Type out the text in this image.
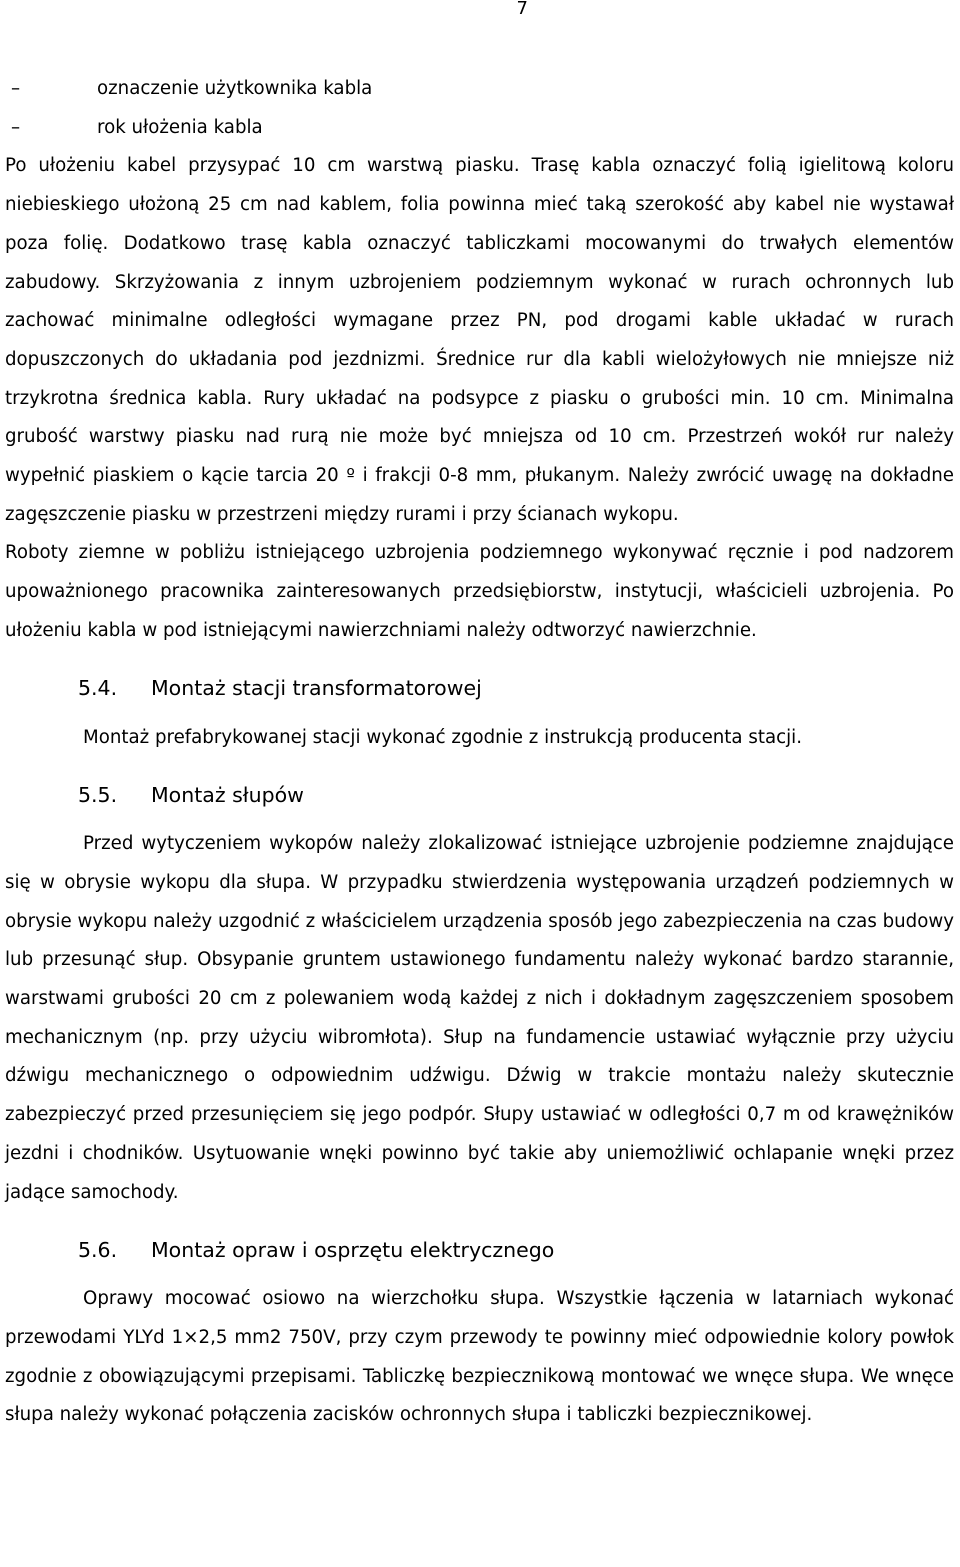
7
–	oznaczenie użytkownika kabla
–	rok ułożenia kabla

Po ułożeniu kabel przysypać 10 cm warstwą piasku. Trasę kabla oznaczyć folią igielitową koloru niebieskiego ułożoną 25 cm nad kablem, folia powinna mieć taką szerokość aby kabel nie wystawał poza folię. Dodatkowo trasę kabla oznaczyć tabliczkami mocowanymi do trwałych elementów zabudowy. Skrzyżowania z innym uzbrojeniem podziemnym wykonać w rurach ochronnych lub zachować minimalne odległości wymagane przez PN, pod drogami kable układać w rurach dopuszczonych do układania pod jezdnizmi. Średnice rur dla kabli wielożyłowych nie mniejsze niż trzykrotna średnica kabla. Rury układać na podsypce z piasku o grubości min. 10 cm. Minimalna grubość warstwy piasku nad rurą nie może być mniejsza od 10 cm. Przestrzeń wokół rur należy wypełnić piaskiem o kącie tarcia 20 º i frakcji 0-8 mm, płukanym. Należy zwrócić uwagę na dokładne zagęszczenie piasku w przestrzeni między rurami i przy ścianach wykopu.

Roboty ziemne w pobliżu istniejącego uzbrojenia podziemnego wykonywać ręcznie i pod nadzorem upoważnionego pracownika zainteresowanych przedsiębiorstw, instytucji, właścicieli uzbrojenia. Po ułożeniu kabla w pod istniejącymi nawierzchniami należy odtworzyć nawierzchnie.

5.4.	Montaż stacji transformatorowej

Montaż prefabrykowanej stacji wykonać zgodnie z instrukcją producenta stacji.

5.5.	Montaż słupów

Przed wytyczeniem wykopów należy zlokalizować istniejące uzbrojenie podziemne znajdujące się w obrysie wykopu dla słupa. W przypadku stwierdzenia występowania urządzeń podziemnych w obrysie wykopu należy uzgodnić z właścicielem urządzenia sposób jego zabezpieczenia na czas budowy lub przesunąć słup. Obsypanie gruntem ustawionego fundamentu należy wykonać bardzo starannie, warstwami grubości 20 cm z polewaniem wodą każdej z nich i dokładnym zagęszczeniem sposobem mechanicznym (np. przy użyciu wibromłota). Słup na fundamencie ustawiać wyłącznie przy użyciu dźwigu mechanicznego o odpowiednim udźwigu. Dźwig w trakcie montażu należy skutecznie zabezpieczyć przed przesunięciem się jego podpór. Słupy ustawiać w odległości 0,7 m od krawężników jezdni i chodników. Usytuowanie wnęki powinno być takie aby uniemożliwić ochlapanie wnęki przez jadące samochody.

5.6.	Montaż opraw i osprzętu elektrycznego

Oprawy mocować osiowo na wierzchołku słupa. Wszystkie łączenia w latarniach wykonać przewodami YLYd 1×2,5 mm2 750V, przy czym przewody te powinny mieć odpowiednie kolory powłok zgodnie z obowiązującymi przepisami. Tabliczkę bezpiecznikową montować we wnęce słupa. We wnęce słupa należy wykonać połączenia zacisków ochronnych słupa i tabliczki bezpiecznikowej.
